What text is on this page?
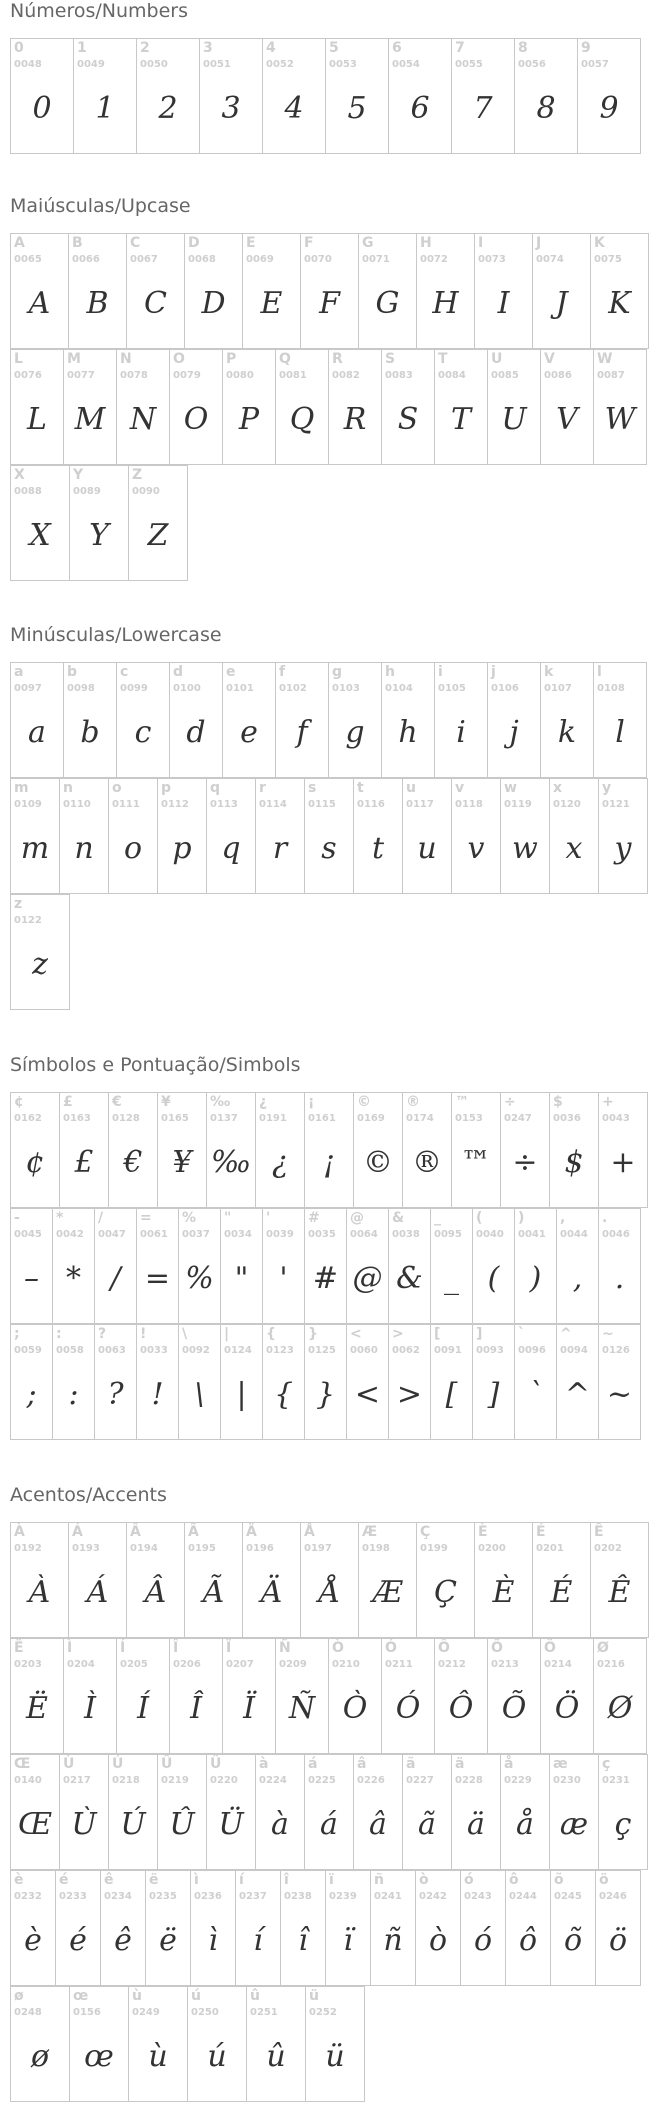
Números/Numbers
0
0048
0
1
0049
1
2
0050
2
3
0051
3
4
0052
4
5
0053
5
6
0054
6
7
0055
7
8
0056
8
9
0057
9
Maiúsculas/Upcase
A
0065
A
B
0066
B
C
0067
C
D
0068
D
E
0069
E
F
0070
F
G
0071
G
H
0072
H
I
0073
I
J
0074
J
K
0075
K
L
0076
L
M
0077
M
N
0078
N
O
0079
O
P
0080
P
Q
0081
Q
R
0082
R
S
0083
S
T
0084
T
U
0085
U
V
0086
V
W
0087
W
X
0088
X
Y
0089
Y
Z
0090
Z
Minúsculas/Lowercase
a
0097
a
b
0098
b
c
0099
c
d
0100
d
e
0101
e
f
0102
f
g
0103
g
h
0104
h
i
0105
i
j
0106
j
k
0107
k
l
0108
l
m
0109
m
n
0110
n
o
0111
o
p
0112
p
q
0113
q
r
0114
r
s
0115
s
t
0116
t
u
0117
u
v
0118
v
w
0119
w
x
0120
x
y
0121
y
z
0122
z
Símbolos e Pontuação/Simbols
¢
0162
¢
£
0163
£
€
0128
€
¥
0165
¥
‰
0137
‰
¿
0191
¿
¡
0161
¡
©
0169
©
®
0174
®
™
0153
™
÷
0247
÷
$
0036
$
+
0043
+
-
0045
–
*
0042
*
/
0047
/
=
0061
=
%
0037
%
"
0034
"
'
0039
'
#
0035
#
@
0064
@
&
0038
&
_
0095
_
(
0040
(
)
0041
)
,
0044
,
.
0046
.
;
0059
;
:
0058
:
?
0063
?
!
0033
!
\
0092
\
|
0124
|
{
0123
{
}
0125
}
<
0060
<
>
0062
>
[
0091
[
]
0093
]
`
0096
`
^
0094
^
~
0126
~
Acentos/Accents
À
0192
À
Á
0193
Á
Â
0194
Â
Ã
0195
Ã
Ä
0196
Ä
Å
0197
Å
Æ
0198
Æ
Ç
0199
Ç
È
0200
È
É
0201
É
Ê
0202
Ê
Ë
0203
Ë
Ì
0204
Ì
Í
0205
Í
Î
0206
Î
Ï
0207
Ï
Ñ
0209
Ñ
Ò
0210
Ò
Ó
0211
Ó
Ô
0212
Ô
Õ
0213
Õ
Ö
0214
Ö
Ø
0216
Ø
Œ
0140
Œ
Ù
0217
Ù
Ú
0218
Ú
Û
0219
Û
Ü
0220
Ü
à
0224
à
á
0225
á
â
0226
â
ã
0227
ã
ä
0228
ä
å
0229
å
æ
0230
æ
ç
0231
ç
è
0232
è
é
0233
é
ê
0234
ê
ë
0235
ë
ì
0236
ì
í
0237
í
î
0238
î
ï
0239
ï
ñ
0241
ñ
ò
0242
ò
ó
0243
ó
ô
0244
ô
õ
0245
õ
ö
0246
ö
ø
0248
ø
œ
0156
œ
ù
0249
ù
ú
0250
ú
û
0251
û
ü
0252
ü
